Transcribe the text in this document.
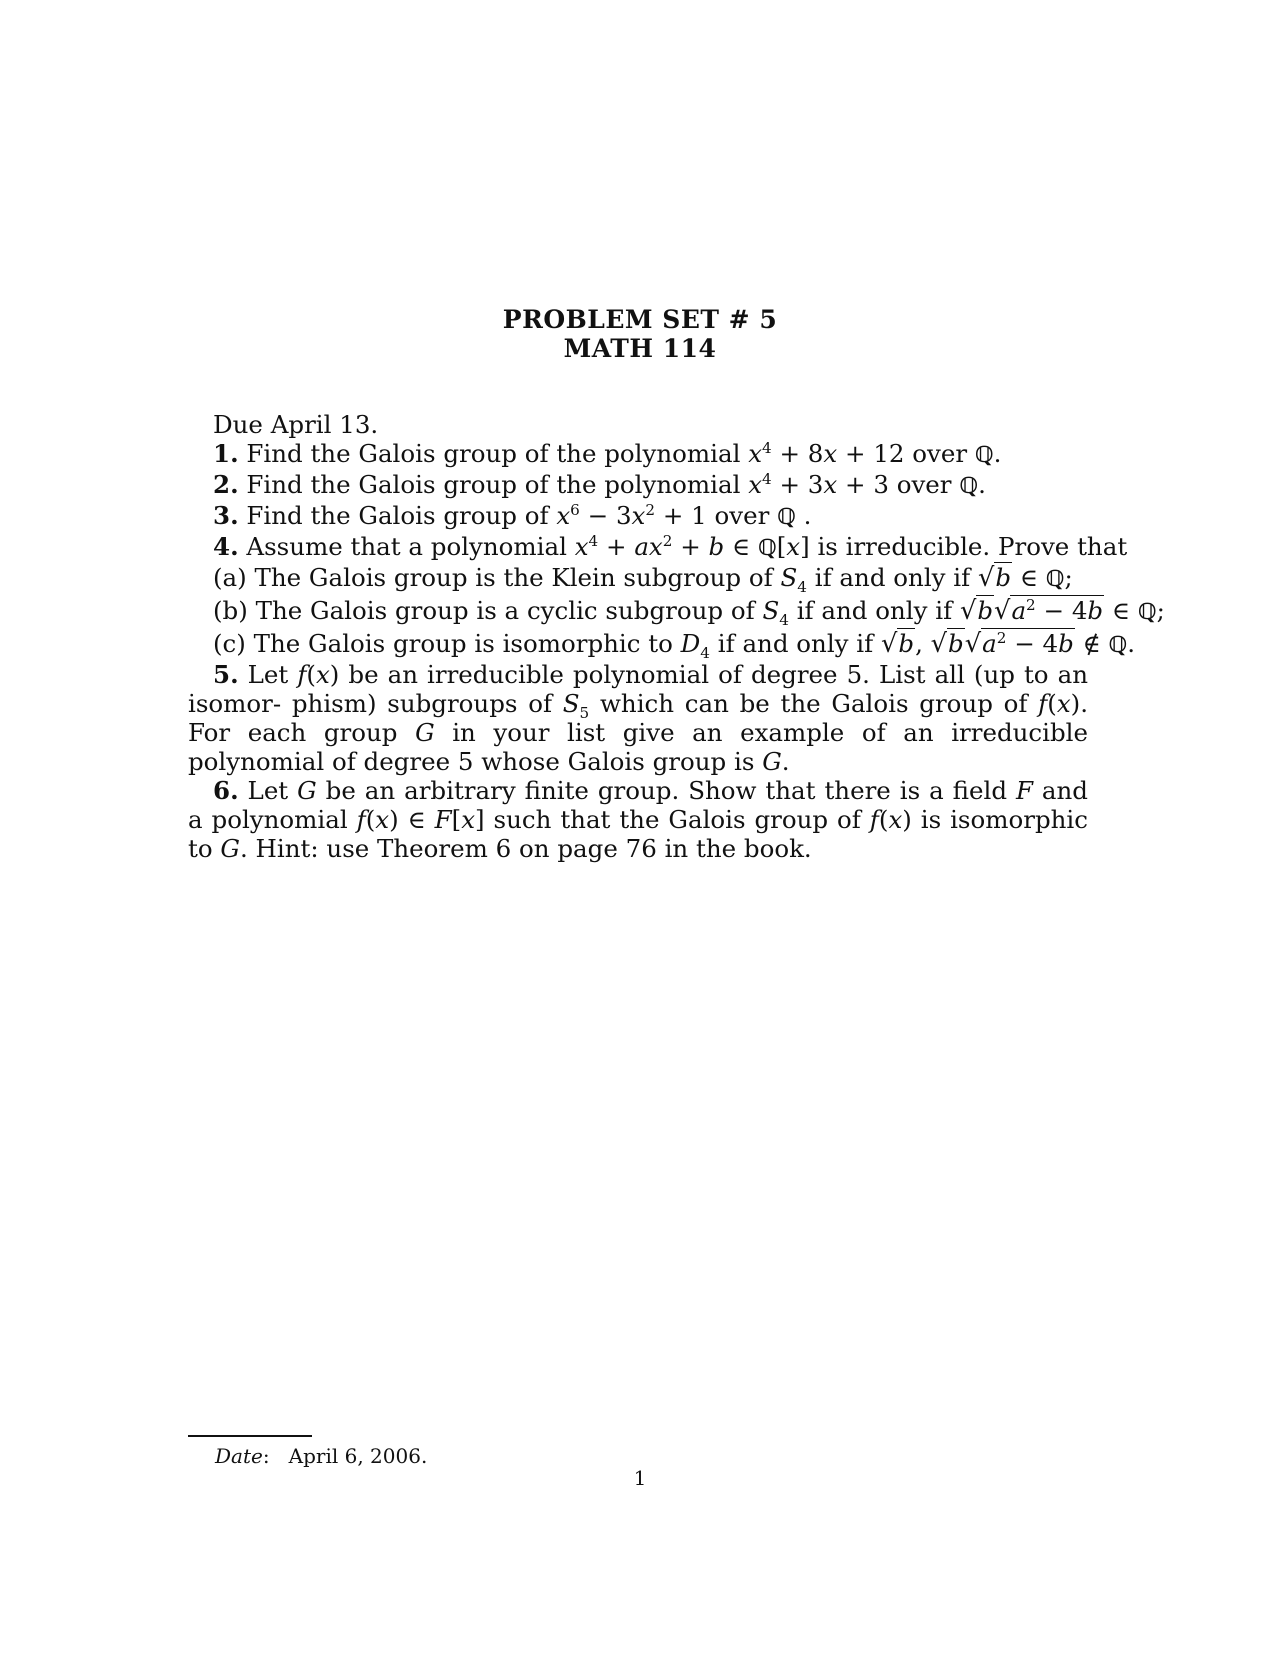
PROBLEM SET # 5
MATH 114
Due April 13.
1. Find the Galois group of the polynomial $x^4 + 8x + 12$ over ℚ.
2. Find the Galois group of the polynomial $x^4 + 3x + 3$ over ℚ.
3. Find the Galois group of $x^6 - 3x^2 + 1$ over ℚ .
4. Assume that a polynomial $x^4 + ax^2 + b$ ∈ ℚ[x] is irreducible. Prove that
(a) The Galois group is the Klein subgroup of $S_4$ if and only if √b ∈ ℚ;
(b) The Galois group is a cyclic subgroup of $S_4$ if and only if $√b√a^2 - 4b$ ∈ ℚ;
(c) The Galois group is isomorphic to $D_4$ if and only if √b, $√b√a^2 - 4b$ ∉ ℚ.
5. Let f(x) be an irreducible polynomial of degree 5. List all (up to an isomor- phism) subgroups of $S_5$ which can be the Galois group of f(x). For each group G in your list give an example of an irreducible polynomial of degree 5 whose Galois group is G.
6. Let G be an arbitrary finite group. Show that there is a field F and a polynomial f(x) ∈ F[x] such that the Galois group of f(x) is isomorphic to G. Hint: use Theorem 6 on page 76 in the book.
Date:   April 6, 2006.
1
